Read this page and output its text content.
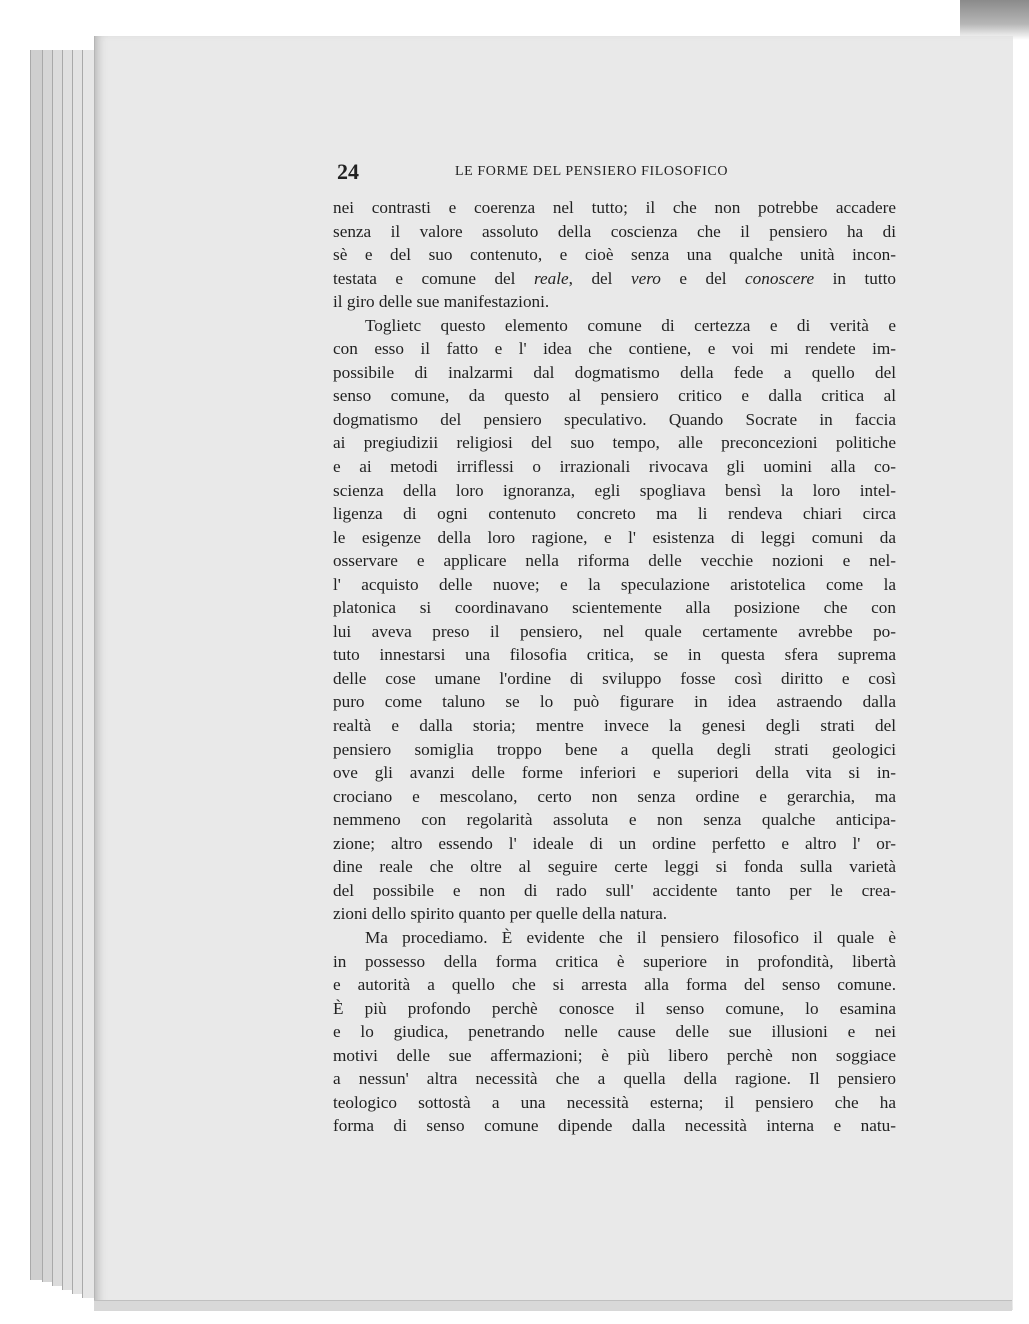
24	LE FORME DEL PENSIERO FILOSOFICO
nei contrasti e coerenza nel tutto; il che non potrebbe accadere
senza il valore assoluto della coscienza che il pensiero ha di
sè e del suo contenuto, e cioè senza una qualche unità incon-
testata e comune del reale, del vero e del conoscere in tutto
il giro delle sue manifestazioni.
Toglietc questo elemento comune di certezza e di verità e
con esso il fatto e l' idea che contiene, e voi mi rendete im-
possibile di inalzarmi dal dogmatismo della fede a quello del
senso comune, da questo al pensiero critico e dalla critica al
dogmatismo del pensiero speculativo. Quando Socrate in faccia
ai pregiudizii religiosi del suo tempo, alle preconcezioni politiche
e ai metodi irriflessi o irrazionali rivocava gli uomini alla co-
scienza della loro ignoranza, egli spogliava bensì la loro intel-
ligenza di ogni contenuto concreto ma li rendeva chiari circa
le esigenze della loro ragione, e l' esistenza di leggi comuni da
osservare e applicare nella riforma delle vecchie nozioni e nel-
l' acquisto delle nuove; e la speculazione aristotelica come la
platonica si coordinavano scientemente alla posizione che con
lui aveva preso il pensiero, nel quale certamente avrebbe po-
tuto innestarsi una filosofia critica, se in questa sfera suprema
delle cose umane l'ordine di sviluppo fosse così diritto e così
puro come taluno se lo può figurare in idea astraendo dalla
realtà e dalla storia; mentre invece la genesi degli strati del
pensiero somiglia troppo bene a quella degli strati geologici
ove gli avanzi delle forme inferiori e superiori della vita si in-
crociano e mescolano, certo non senza ordine e gerarchia, ma
nemmeno con regolarità assoluta e non senza qualche anticipa-
zione; altro essendo l' ideale di un ordine perfetto e altro l' or-
dine reale che oltre al seguire certe leggi si fonda sulla varietà
del possibile e non di rado sull' accidente tanto per le crea-
zioni dello spirito quanto per quelle della natura.
Ma procediamo. È evidente che il pensiero filosofico il quale è
in possesso della forma critica è superiore in profondità, libertà
e autorità a quello che si arresta alla forma del senso comune.
È più profondo perchè conosce il senso comune, lo esamina
e lo giudica, penetrando nelle cause delle sue illusioni e nei
motivi delle sue affermazioni; è più libero perchè non soggiace
a nessun' altra necessità che a quella della ragione. Il pensiero
teologico sottostà a una necessità esterna; il pensiero che ha
forma di senso comune dipende dalla necessità interna e natu-
